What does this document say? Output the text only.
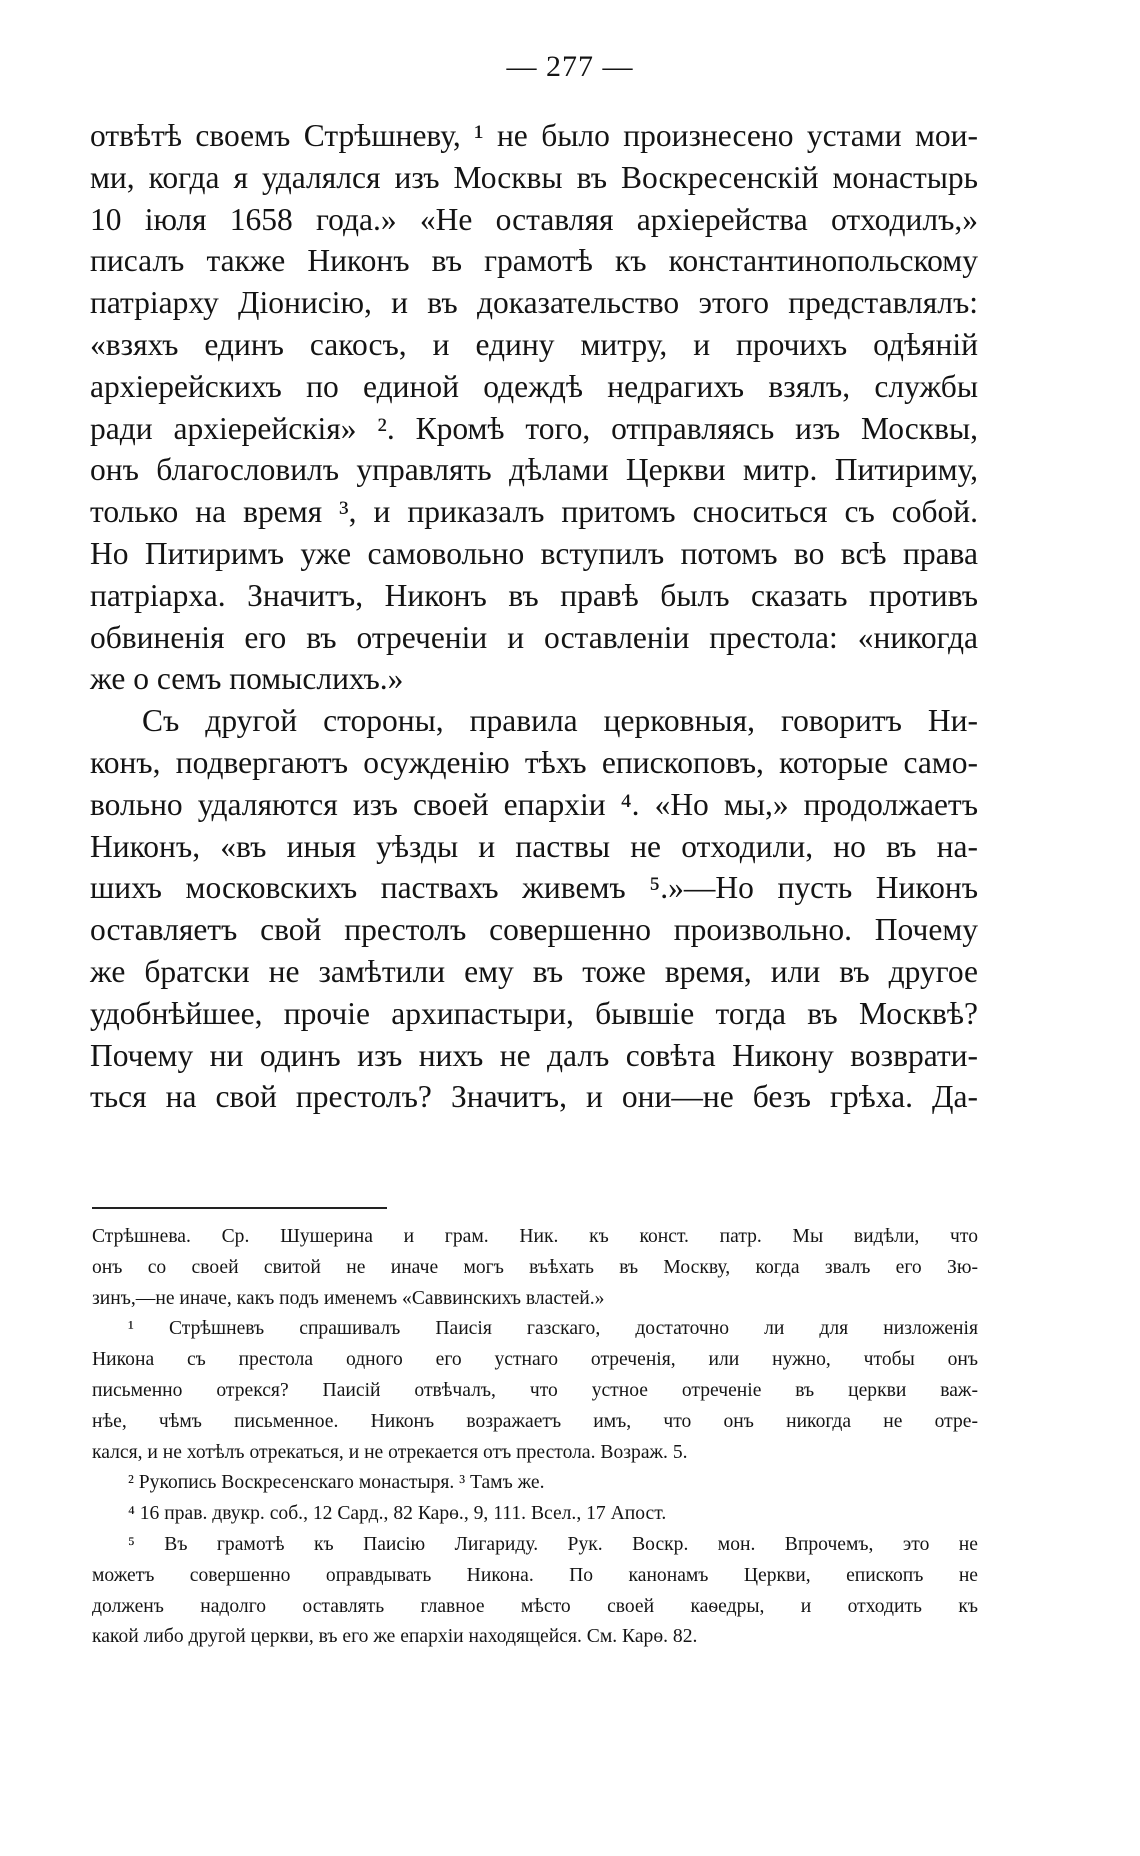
— 277 —
отвѣтѣ своемъ Стрѣшневу, ¹ не было произнесено устами мои-
ми, когда я удалялся изъ Москвы въ Воскресенскій монастырь
10 іюля 1658 года.» «Не оставляя архіерейства отходилъ,»
писалъ также Никонъ въ грамотѣ къ константинопольскому
патріарху Діонисію, и въ доказательство этого представлялъ:
«взяхъ единъ сакосъ, и едину митру, и прочихъ одѣяній
архіерейскихъ по единой одеждѣ недрагихъ взялъ, службы
ради архіерейскія» ². Кромѣ того, отправляясь изъ Москвы,
онъ благословилъ управлять дѣлами Церкви митр. Питириму,
только на время ³, и приказалъ притомъ сноситься съ собой.
Но Питиримъ уже самовольно вступилъ потомъ во всѣ права
патріарха. Значитъ, Никонъ въ правѣ былъ сказать противъ
обвиненія его въ отреченіи и оставленіи престола: «никогда
же о семъ помыслихъ.»
Съ другой стороны, правила церковныя, говоритъ Ни-
конъ, подвергаютъ осужденію тѣхъ епископовъ, которые само-
вольно удаляются изъ своей епархіи ⁴. «Но мы,» продолжаетъ
Никонъ, «въ иныя уѣзды и паствы не отходили, но въ на-
шихъ московскихъ паствахъ живемъ ⁵.»—Но пусть Никонъ
оставляетъ свой престолъ совершенно произвольно. Почему
же братски не замѣтили ему въ тоже время, или въ другое
удобнѣйшее, прочіе архипастыри, бывшіе тогда въ Москвѣ?
Почему ни одинъ изъ нихъ не далъ совѣта Никону возврати-
ться на свой престолъ? Значитъ, и они—не безъ грѣха. Да-
Стрѣшнева. Ср. Шушерина и грам. Ник. къ конст. патр. Мы видѣли, что
онъ со своей свитой не иначе могъ въѣхать въ Москву, когда звалъ его Зю-
зинъ,—не иначе, какъ подъ именемъ «Саввинскихъ властей.»
¹ Стрѣшневъ спрашивалъ Паисія газскаго, достаточно ли для низложенія
Никона съ престола одного его устнаго отреченія, или нужно, чтобы онъ
письменно отрекся? Паисій отвѣчалъ, что устное отреченіе въ церкви важ-
нѣе, чѣмъ письменное. Никонъ возражаетъ имъ, что онъ никогда не отре-
кался, и не хотѣлъ отрекаться, и не отрекается отъ престола. Возраж. 5.
² Рукопись Воскресенскаго монастыря. ³ Тамъ же.
⁴ 16 прав. двукр. соб., 12 Сард., 82 Карө., 9, 111. Всел., 17 Апост.
⁵ Въ грамотѣ къ Паисію Лигариду. Рук. Воскр. мон. Впрочемъ, это не
можетъ совершенно оправдывать Никона. По канонамъ Церкви, епископъ не
долженъ надолго оставлять главное мѣсто своей каѳедры, и отходить къ
какой либо другой церкви, въ его же епархіи находящейся. См. Карө. 82.
